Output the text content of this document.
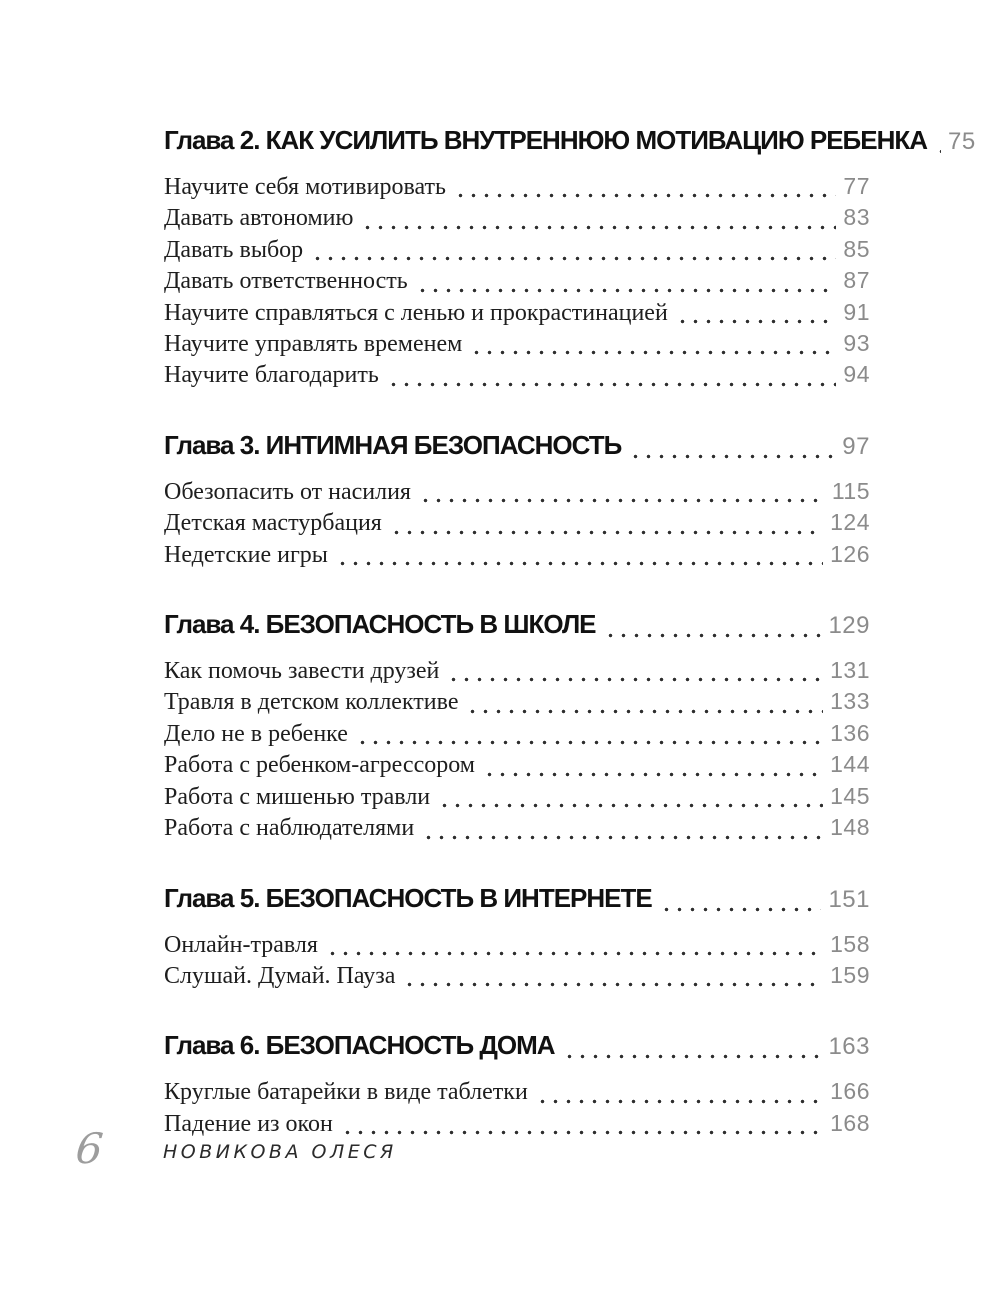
Глава 2. КАК УСИЛИТЬ ВНУТРЕННЮЮ МОТИВАЦИЮ РЕБЕНКА 75
Научите себя мотивировать	77
Давать автономию	83
Давать выбор	85
Давать ответственность	87
Научите справляться с ленью и прокрастинацией	91
Научите управлять временем	93
Научите благодарить	94
Глава 3. ИНТИМНАЯ БЕЗОПАСНОСТЬ	97
Обезопасить от насилия	115
Детская мастурбация	124
Недетские игры	126
Глава 4. БЕЗОПАСНОСТЬ В ШКОЛЕ	129
Как помочь завести друзей	131
Травля в детском коллективе	133
Дело не в ребенке	136
Работа с ребенком-агрессором	144
Работа с мишенью травли	145
Работа с наблюдателями	148
Глава 5. БЕЗОПАСНОСТЬ В ИНТЕРНЕТЕ	151
Онлайн-травля	158
Слушай. Думай. Пауза	159
Глава 6. БЕЗОПАСНОСТЬ ДОМА	163
Круглые батарейки в виде таблетки	166
Падение из окон	168
6	НОВИКОВА ОЛЕСЯ
